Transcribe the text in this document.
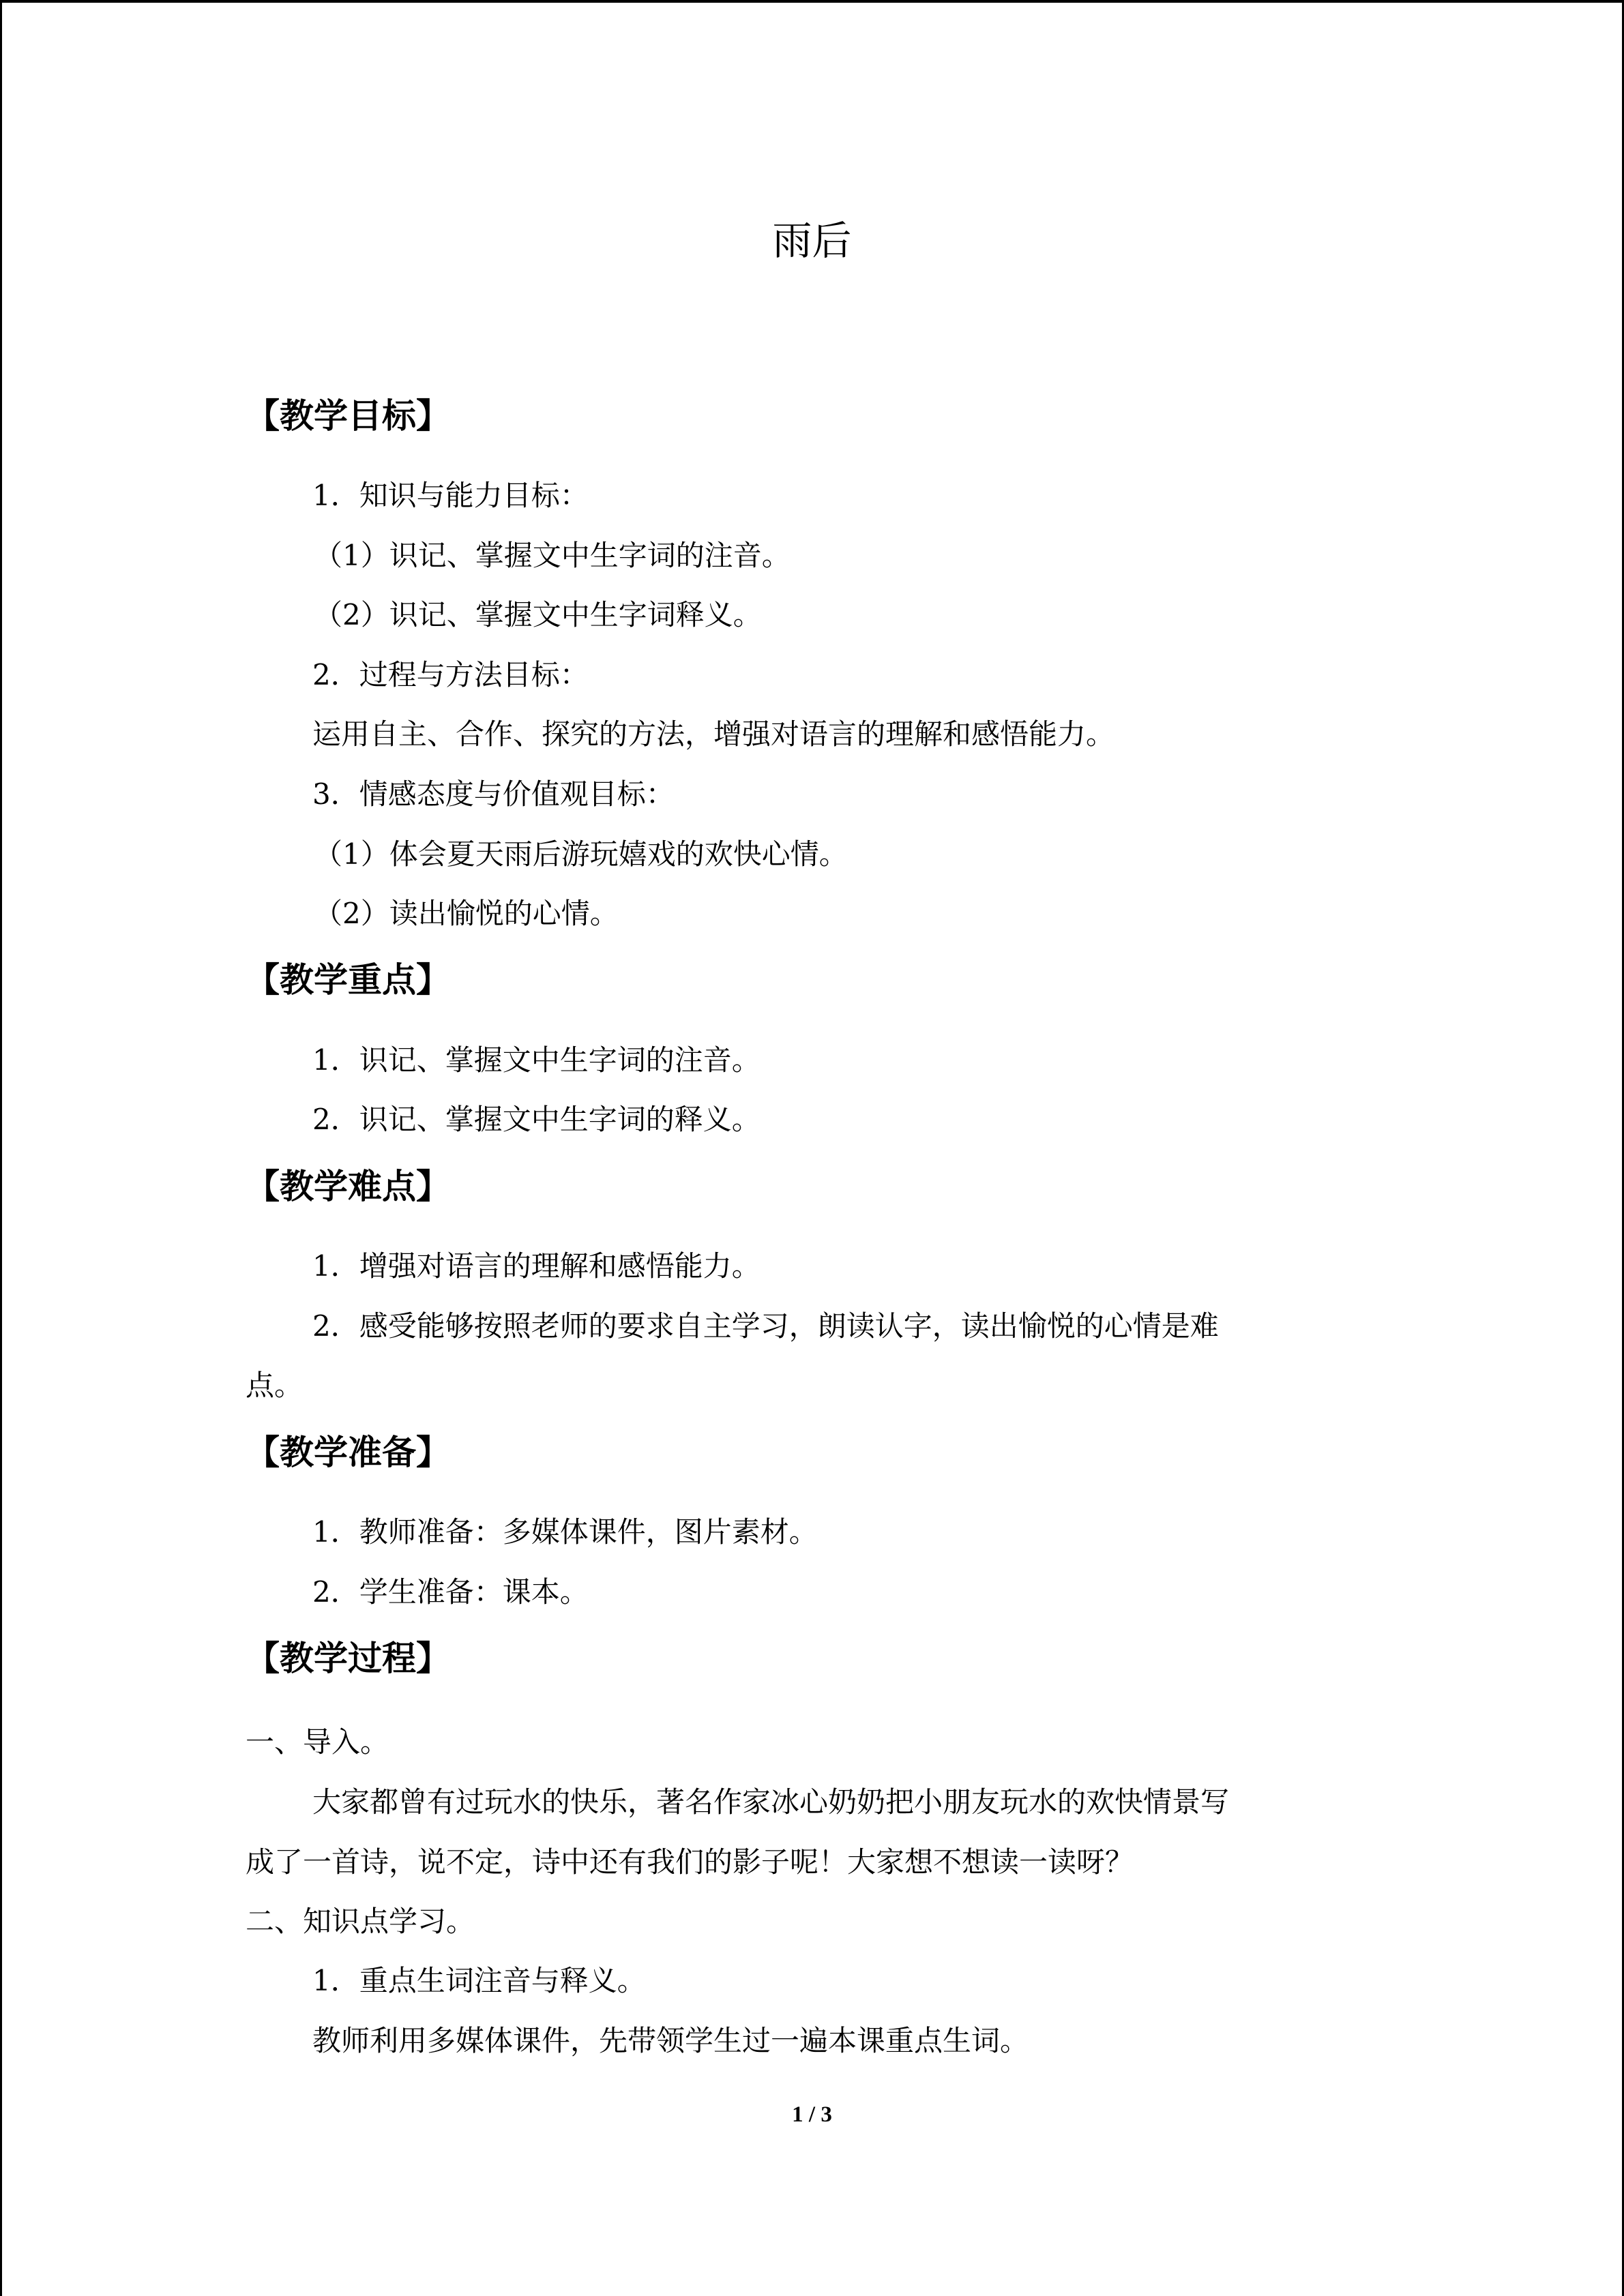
雨后
【教学目标】
1．知识与能力目标：
（1）识记、掌握文中生字词的注音。
（2）识记、掌握文中生字词释义。
2．过程与方法目标：
运用自主、合作、探究的方法，增强对语言的理解和感悟能力。
3．情感态度与价值观目标：
（1）体会夏天雨后游玩嬉戏的欢快心情。
（2）读出愉悦的心情。
【教学重点】
1．识记、掌握文中生字词的注音。
2．识记、掌握文中生字词的释义。
【教学难点】
1．增强对语言的理解和感悟能力。
2．感受能够按照老师的要求自主学习，朗读认字，读出愉悦的心情是难
点。
【教学准备】
1．教师准备：多媒体课件，图片素材。
2．学生准备：课本。
【教学过程】
一、导入。
大家都曾有过玩水的快乐，著名作家冰心奶奶把小朋友玩水的欢快情景写
成了一首诗，说不定，诗中还有我们的影子呢！大家想不想读一读呀？
二、知识点学习。
1．重点生词注音与释义。
教师利用多媒体课件，先带领学生过一遍本课重点生词。
1 / 3
